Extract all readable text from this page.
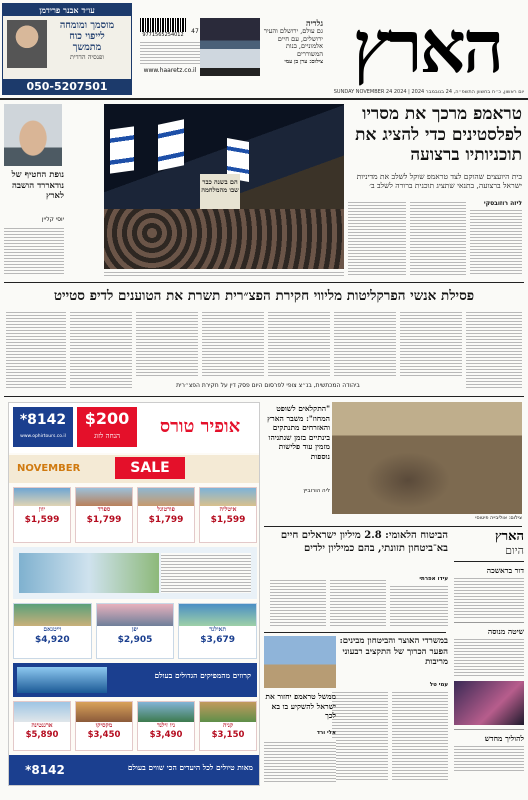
הארץ
גלריה
גם עולם, ירושלם והעיר ירושלים, עם חיים אלמוניים, בנות המשוררים
צילום: ערן בן עמי
9771565254012	47
www.haaretz.co.il
עו״ד אבנר פרידמן
מוסמך ומומחה
לייפוי כוח
מתמשך
ופנסיה הדדית
050-5207501	יום ראשון, כ״ח בחשוון התשפ״ה, 24 בנובמבר 2024 | 2024 SUNDAY NOVEMBER 24
טראמפ מרכך את מסריו לפלסטינים כדי להציג את תוכניותיו ברצועה
בית היועצים שהוקם לצד טראמפ שוקל לשלב את מדיניות ישראל ברצועה, בתנאי שתציג תוכנית ברורה לשלב ב׳
הם בשנה כבר שבו מהמלחמה
נופת החטיף של נודאררד הושבה לארץ
יוסי קליין
ליזה רוזובסקי
פסילת אנשי הפרקליטות מליווי חקירת הפצ״רית תשרת את הטוענים לדיפ סטייט
ביהודה המכתשית, בנ״צ צופי לפרסום היום פסק דין על חקירת הפצ״רית
*8142
www.ophirtours.co.il
$200
הנחה לזוג	אופיר טורס
NOVEMBER	SALE
איטליה
$1,599
פורטוגל
$1,799
ספרד
$1,799
יוון
$1,599
תאילנד
$3,679
יפן
$2,905
וייטנאם
$4,920
קרוזים מהמפיקים הגדולים בעולם
קניה
$3,150
ניו זילנד
$3,490
מקסיקו
$3,450
ארגנטינה
$5,890
מאות טיולים לכל היעדים הכי שווים בעולם
*8142
צילום: אוליבייה פיטוסי
"התקלאים לשופט המחוז": משבר הארץ והאזרחים מתנתקים בינתיים בזמן שנתניהו מזמין עוד פלישות נוספות
ליה הורוביץ
הביטוח הלאומי: 2.8 מיליון ישראלים חיים בא־ביטחון תזונתי, בהם כמיליון ילדים
עידו אפרתי
הארץ
היום
דור בראשכה
שיטה מנוסה
להוליך מחדש
במשרדי האוצר והביטחון מבינים: הפער הכרוך של התקציב רבעוני מריבות
עמי טל
ממשל טראמפ יחזור את ישראל להשקיע בו בא לכך
אלי ורד
